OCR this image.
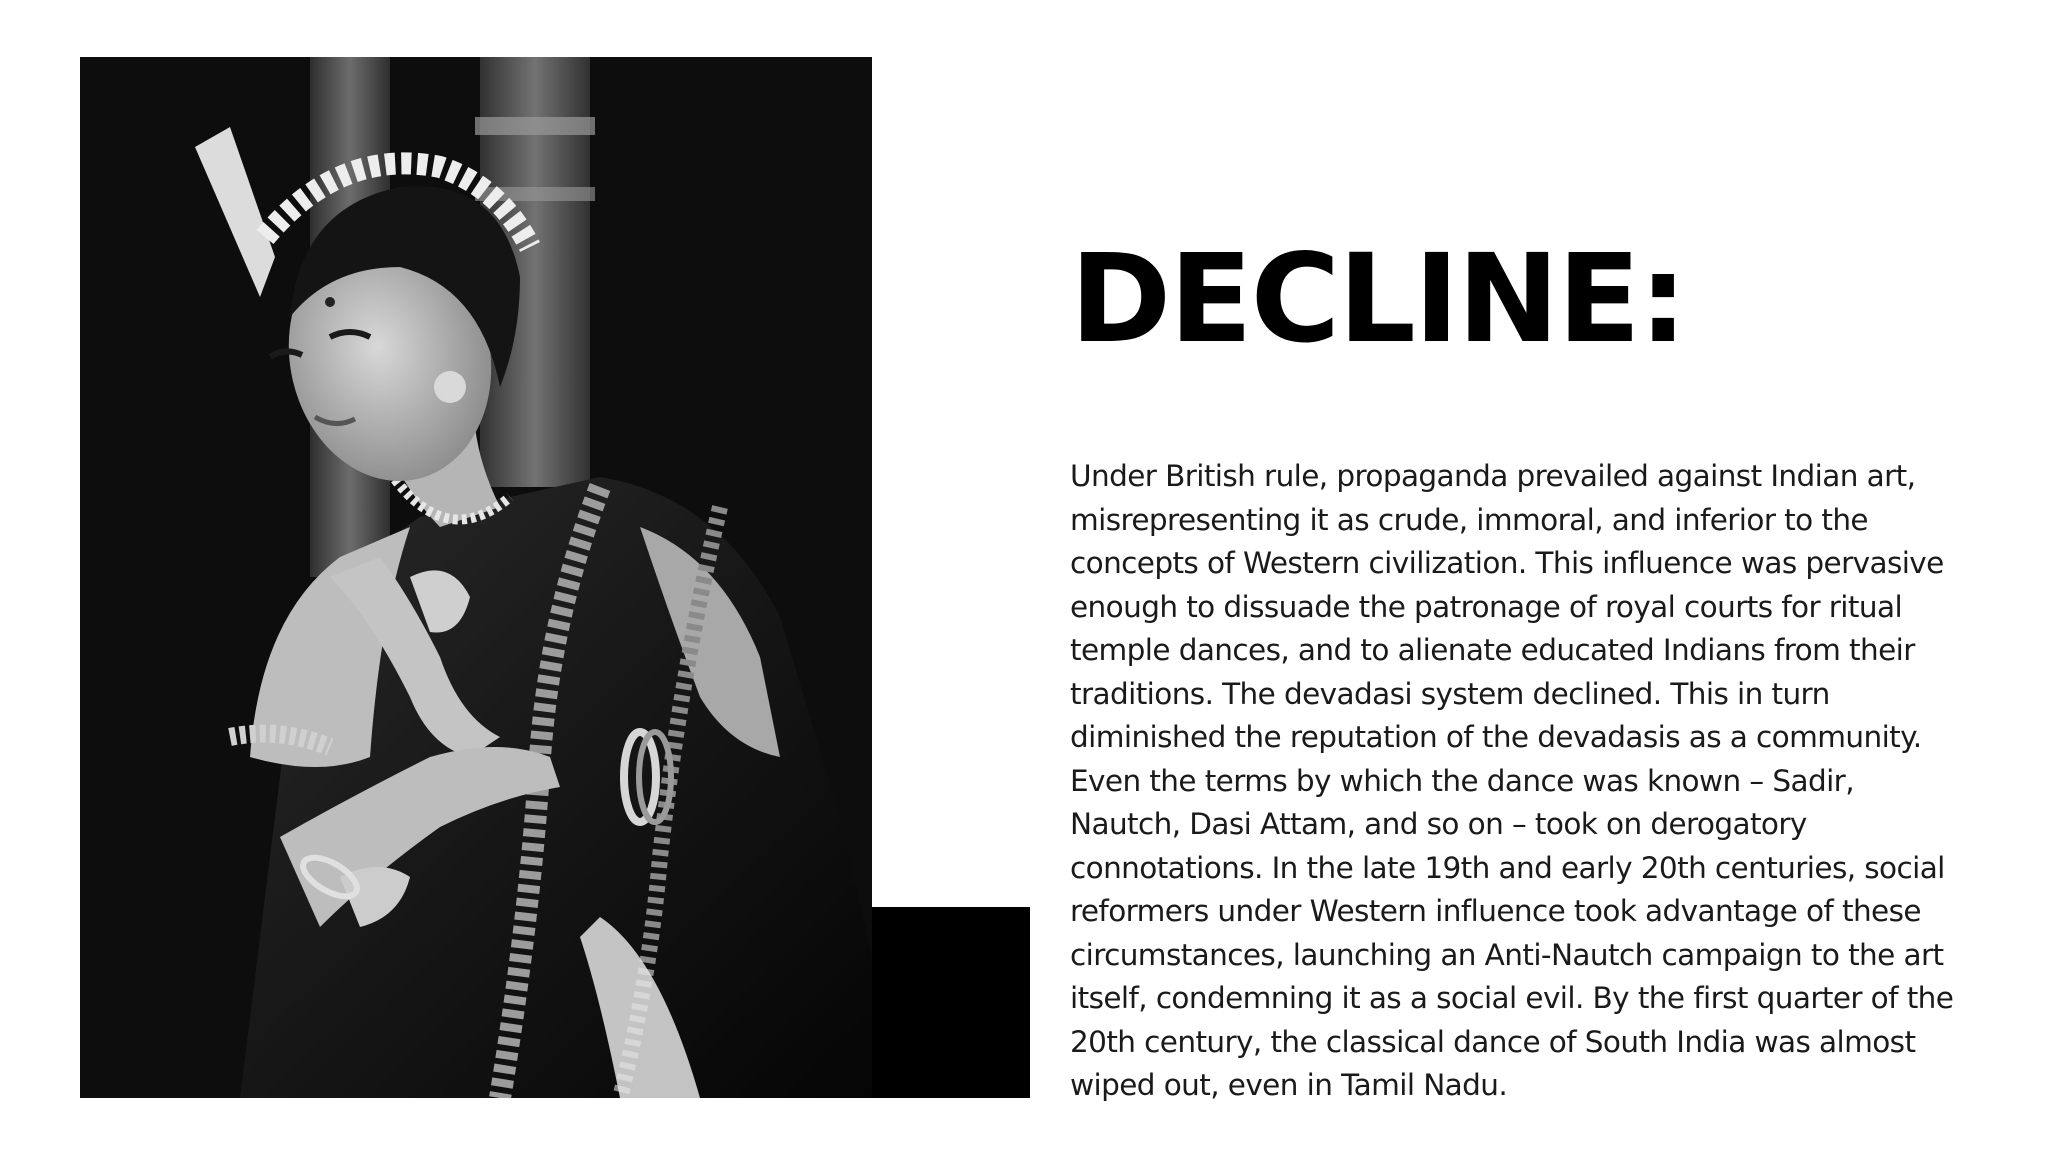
DECLINE:

Under British rule, propaganda prevailed against Indian art, misrepresenting it as crude, immoral, and inferior to the concepts of Western civilization. This influence was pervasive enough to dissuade the patronage of royal courts for ritual temple dances, and to alienate educated Indians from their traditions. The devadasi system declined. This in turn diminished the reputation of the devadasis as a community. Even the terms by which the dance was known – Sadir, Nautch, Dasi Attam, and so on – took on derogatory connotations. In the late 19th and early 20th centuries, social reformers under Western influence took advantage of these circumstances, launching an Anti-Nautch campaign to the art itself, condemning it as a social evil. By the first quarter of the 20th century, the classical dance of South India was almost wiped out, even in Tamil Nadu.
